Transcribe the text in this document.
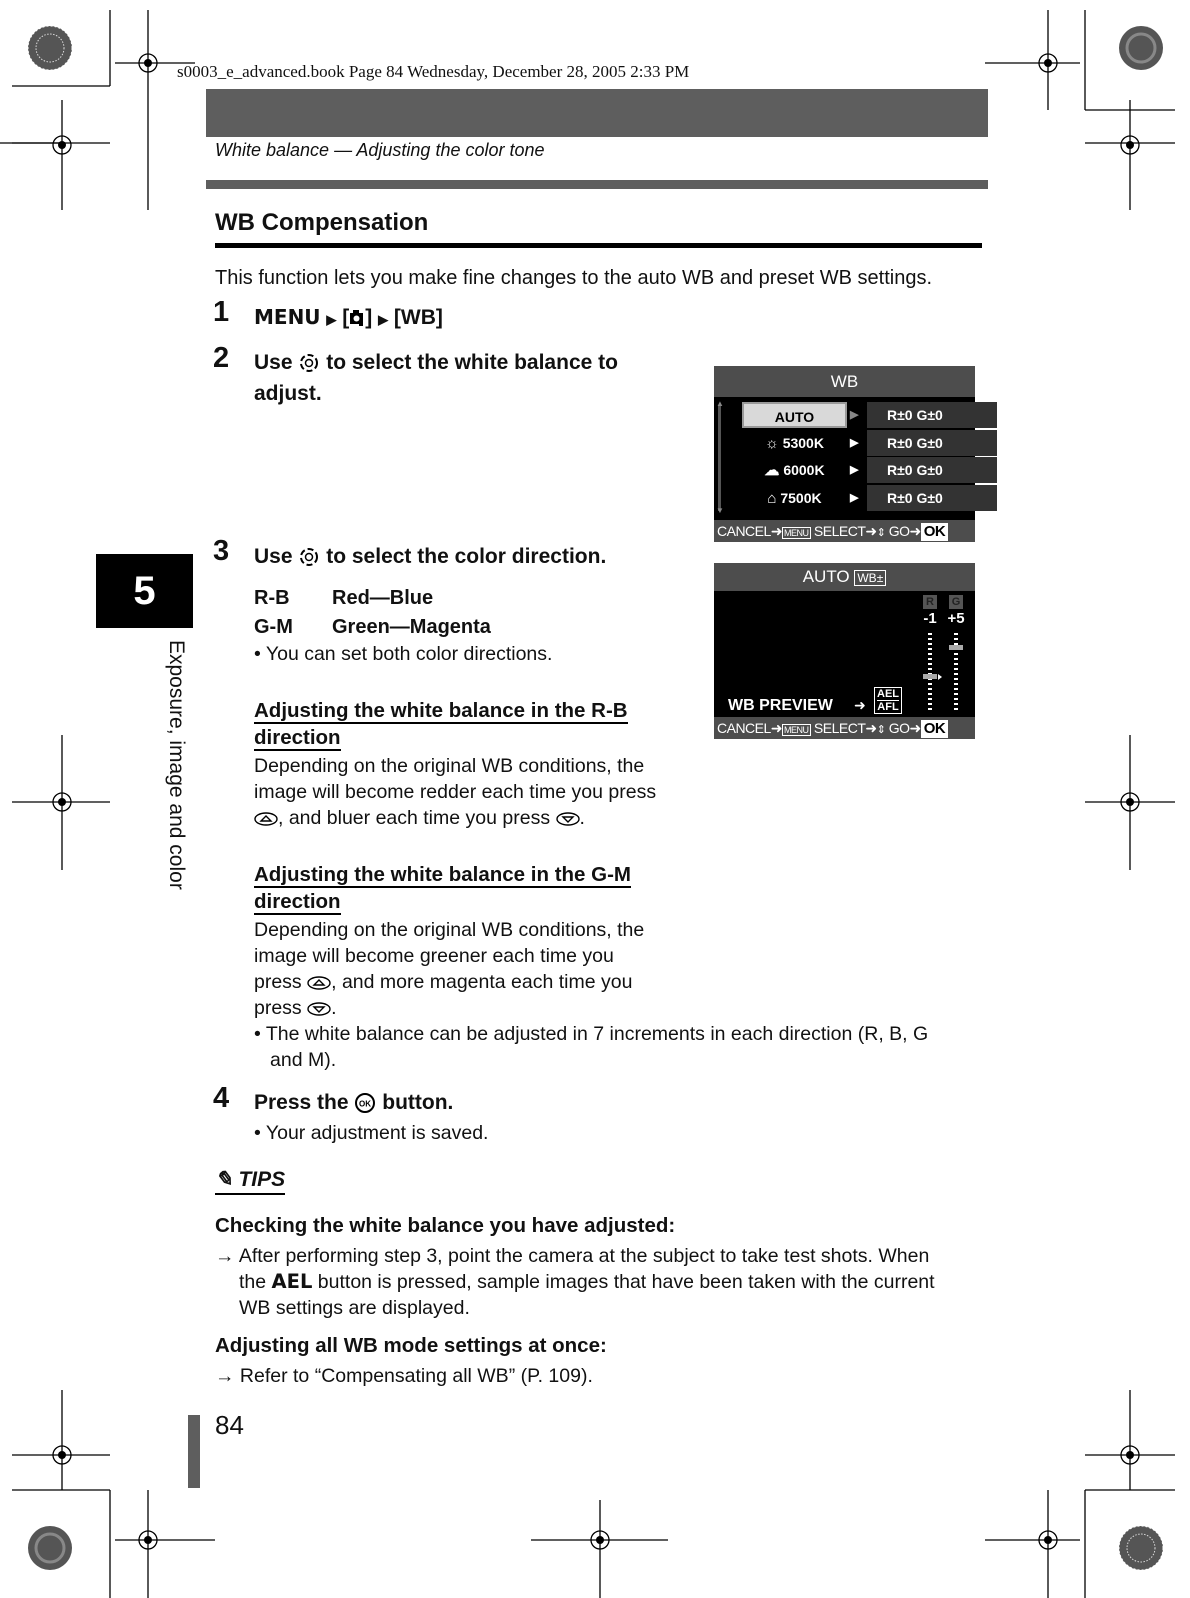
s0003_e_advanced.book Page 84 Wednesday, December 28, 2005 2:33 PM
White balance — Adjusting the color tone
WB Compensation
This function lets you make fine changes to the auto WB and preset WB settings.
5
Exposure, image and color
1 MENU ▶ [ ] ▶ [WB]
2 Use to select the white balance to
adjust.
WB
▲
▼
AUTO	▶	R±0 G±0
☼ 5300K	▶	R±0 G±0
☁ 6000K	▶	R±0 G±0
⌂ 7500K	▶	R±0 G±0
CANCEL➜ MENU SELECT➜⇕ GO➜ OK
3 Use to select the color direction.
R-B Red—Blue
G-M Green—Magenta
• You can set both color directions.
Adjusting the white balance in the R-B
direction
Depending on the original WB conditions, the
image will become redder each time you press
, and bluer each time you press .
Adjusting the white balance in the G-M
direction
Depending on the original WB conditions, the
image will become greener each time you
press , and more magenta each time you
press .
• The white balance can be adjusted in 7 increments in each direction (R, B, G
and M).
AUTO WB±
R G
-1 +5
WB PREVIEW ➜
AEL
AFL
CANCEL➜ MENU SELECT➜⇕ GO➜ OK
4 Press the OK button.
• Your adjustment is saved.
✎ TIPS
Checking the white balance you have adjusted:
→ After performing step 3, point the camera at the subject to take test shots. When
the AEL button is pressed, sample images that have been taken with the current
WB settings are displayed.
Adjusting all WB mode settings at once:
→ Refer to “Compensating all WB” (P. 109).
84
